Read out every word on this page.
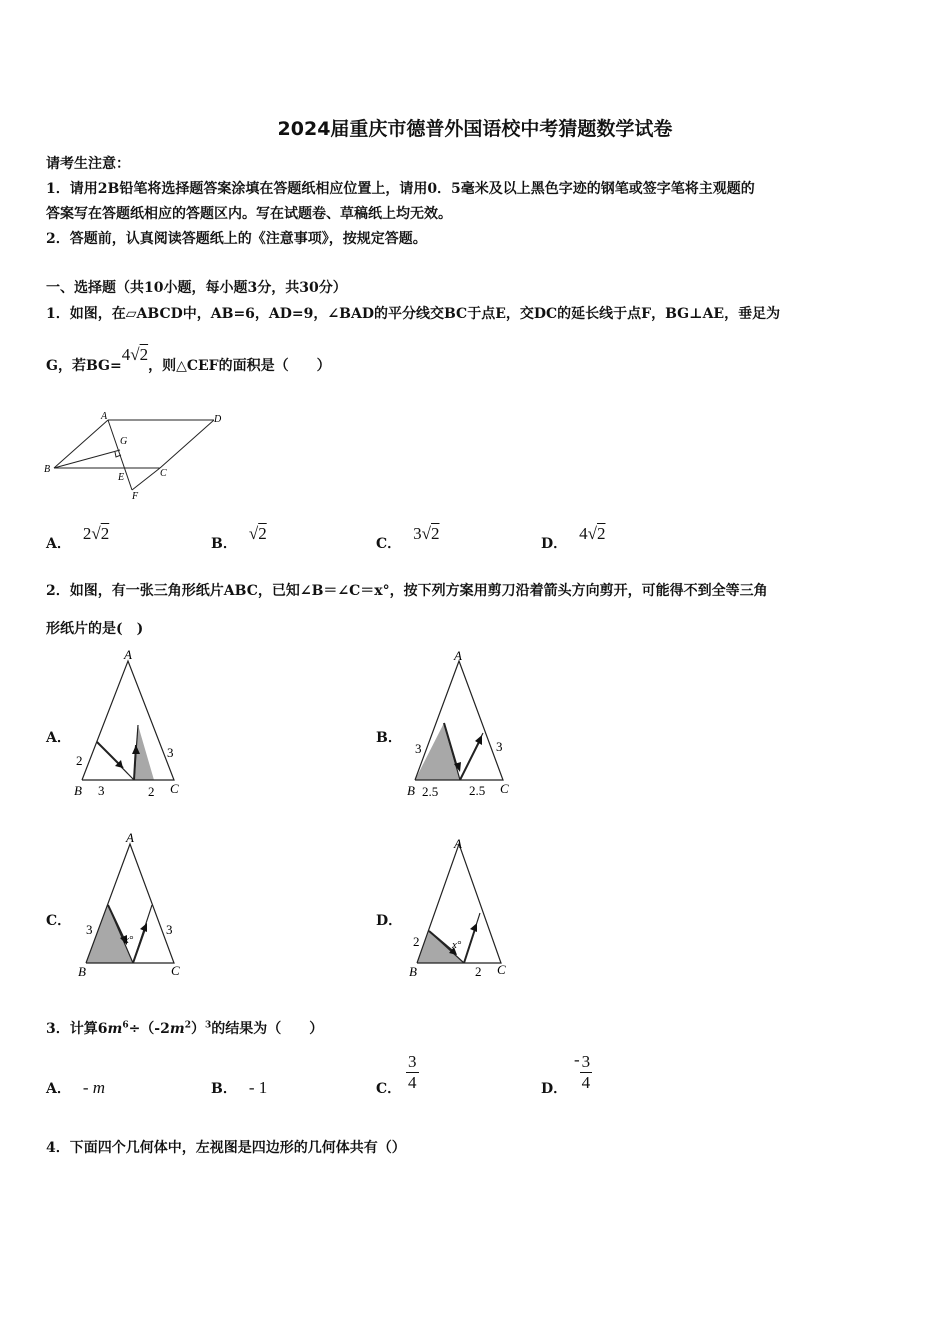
2024届重庆市德普外国语校中考猜题数学试卷
请考生注意：
1．请用2B铅笔将选择题答案涂填在答题纸相应位置上，请用0．5毫米及以上黑色字迹的钢笔或签字笔将主观题的
答案写在答题纸相应的答题区内。写在试题卷、草稿纸上均无效。
2．答题前，认真阅读答题纸上的《注意事项》，按规定答题。
一、选择题（共10小题，每小题3分，共30分）
1．如图，在▱ABCD中，AB=6，AD=9，∠BAD的平分线交BC于点E，交DC的延长线于点F，BG⊥AE，垂足为
G，若BG=4√2，则△CEF的面积是（　　）
A
B	C
D
E
F
G
A．2√2
B．√2
C．3√2
D．4√2
2．如图，有一张三角形纸片ABC，已知∠B＝∠C＝x°，按下列方案用剪刀沿着箭头方向剪开，可能得不到全等三角
形纸片的是(　)
A．
A
B	C
2
3	2
3
B．
A
B	C
3
2.5 2.5
3
C．
A
B	C
3
x°
3
D．
A
B	C
2	x°
2
3．计算$6m^6\div(-2m^2)^3$的结果为（　　）
A． - m	B． - 1	C． $\frac{3}{4}$	D．
- $\frac{3}{4}$
4．下面四个几何体中，左视图是四边形的几何体共有（）
